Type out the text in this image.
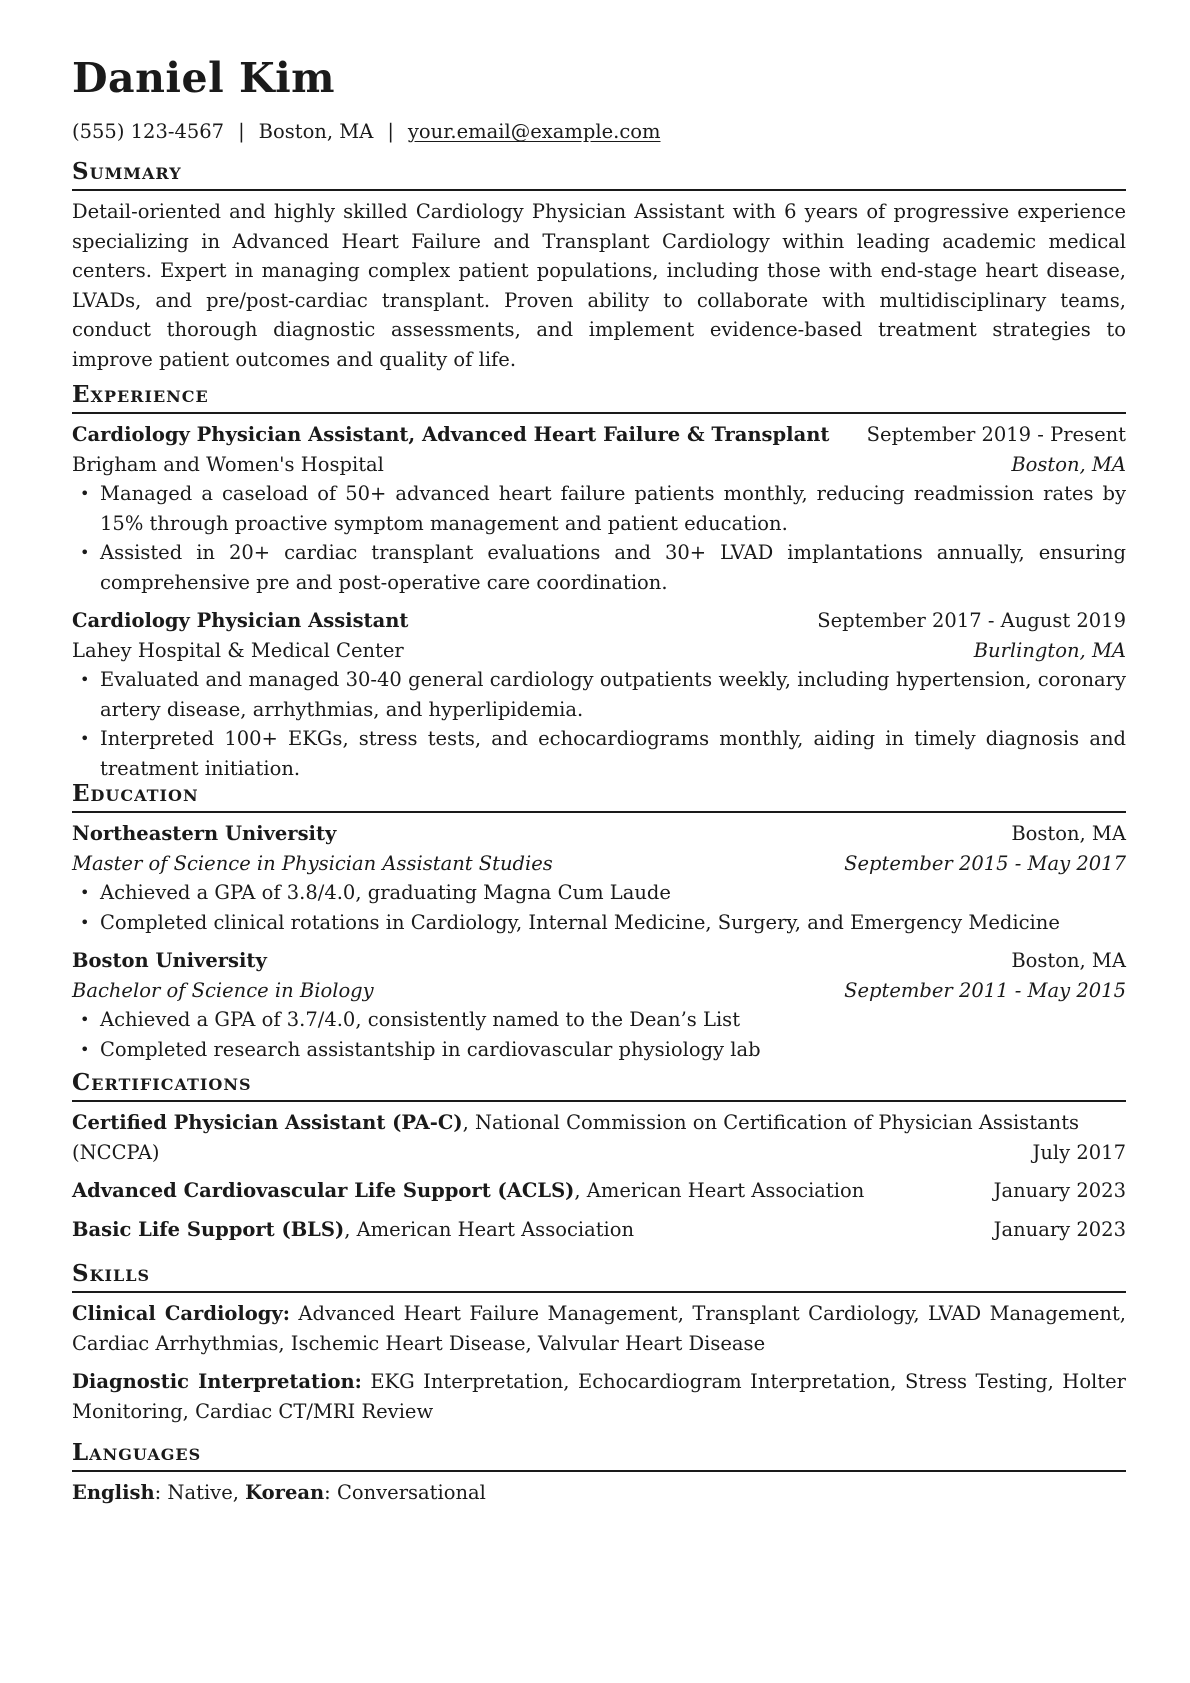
Daniel Kim
(555) 123-4567 | Boston, MA | your.email@example.com
Summary
Detail-oriented and highly skilled Cardiology Physician Assistant with 6 years of progressive experience specializing in Advanced Heart Failure and Transplant Cardiology within leading academic medical centers. Expert in managing complex patient populations, including those with end-stage heart disease, LVADs, and pre/post-cardiac transplant. Proven ability to collaborate with multidisciplinary teams, conduct thorough diagnostic assessments, and implement evidence-based treatment strategies to improve patient outcomes and quality of life.
Experience
Cardiology Physician Assistant, Advanced Heart Failure & Transplant September 2019 - Present
Brigham and Women's Hospital	Boston, MA
• Managed a caseload of 50+ advanced heart failure patients monthly, reducing readmission rates by 15% through proactive symptom management and patient education.
• Assisted in 20+ cardiac transplant evaluations and 30+ LVAD implantations annually, ensuring comprehensive pre and post-operative care coordination.
Cardiology Physician Assistant	September 2017 - August 2019
Lahey Hospital & Medical Center	Burlington, MA
• Evaluated and managed 30-40 general cardiology outpatients weekly, including hypertension, coronary artery disease, arrhythmias, and hyperlipidemia.
• Interpreted 100+ EKGs, stress tests, and echocardiograms monthly, aiding in timely diagnosis and treatment initiation.
Education
Northeastern University	Boston, MA
Master of Science in Physician Assistant Studies	September 2015 - May 2017
• Achieved a GPA of 3.8/4.0, graduating Magna Cum Laude
• Completed clinical rotations in Cardiology, Internal Medicine, Surgery, and Emergency Medicine
Boston University	Boston, MA
Bachelor of Science in Biology	September 2011 - May 2015
• Achieved a GPA of 3.7/4.0, consistently named to the Dean’s List
• Completed research assistantship in cardiovascular physiology lab
Certifications
Certified Physician Assistant (PA-C), National Commission on Certification of Physician Assistants
(NCCPA)	July 2017
Advanced Cardiovascular Life Support (ACLS), American Heart Association	January 2023
Basic Life Support (BLS), American Heart Association	January 2023
Skills
Clinical Cardiology: Advanced Heart Failure Management, Transplant Cardiology, LVAD Management, Cardiac Arrhythmias, Ischemic Heart Disease, Valvular Heart Disease
Diagnostic Interpretation: EKG Interpretation, Echocardiogram Interpretation, Stress Testing, Holter Monitoring, Cardiac CT/MRI Review
Languages
English: Native, Korean: Conversational
